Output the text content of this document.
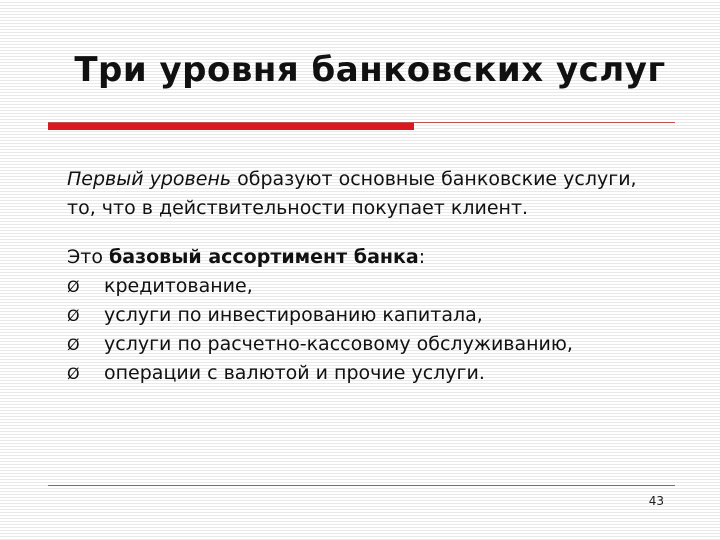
Три уровня банковских услуг

Первый уровень образуют основные банковские услуги,
то, что в действительности покупает клиент.

Это базовый ассортимент банка:

Ø	кредитование,
Ø	услуги по инвестированию капитала,
Ø	услуги по расчетно-кассовому обслуживанию,
Ø	операции с валютой и прочие услуги.
43
